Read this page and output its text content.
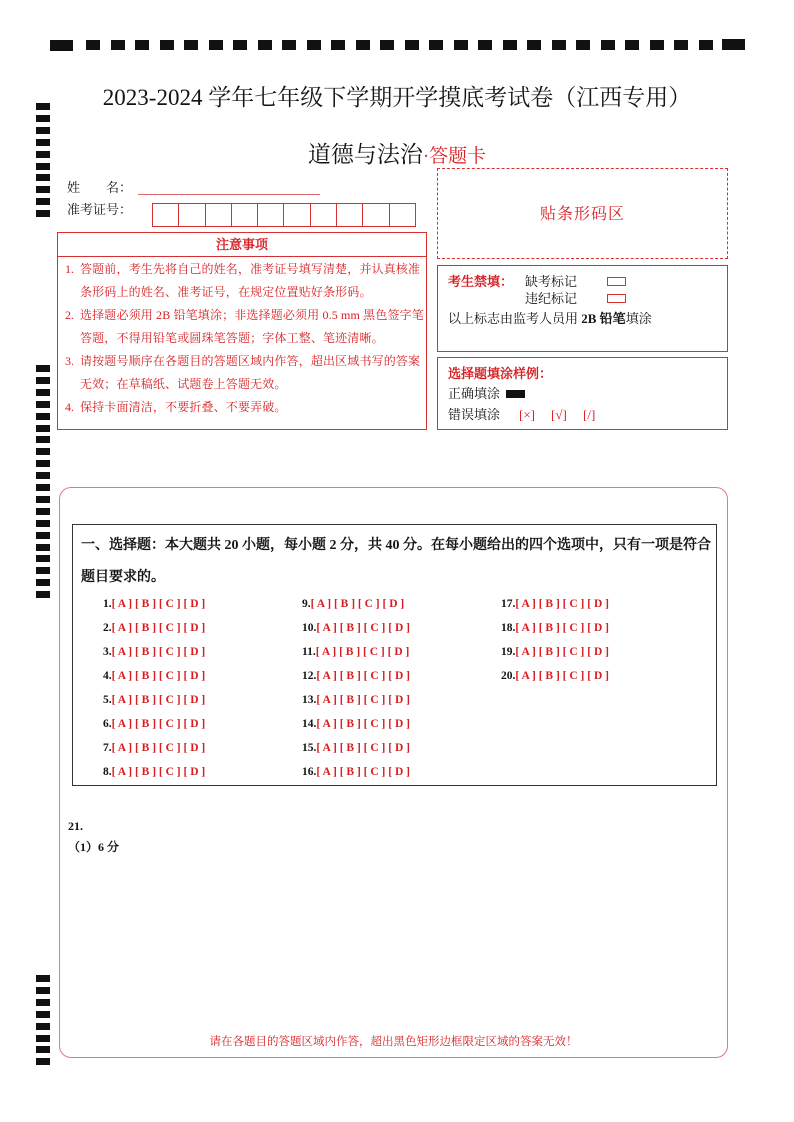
2023-2024 学年七年级下学期开学摸底考试卷（江西专用）
道德与法治·答题卡
姓　　名：
准考证号：
注意事项
1. 答题前，考生先将自己的姓名，准考证号填写清楚，并认真核准
条形码上的姓名、准考证号，在规定位置贴好条形码。
2. 选择题必须用 2B 铅笔填涂；非选择题必须用 0.5 mm 黑色签字笔
答题，不得用铅笔或圆珠笔答题；字体工整、笔迹清晰。
3. 请按题号顺序在各题目的答题区域内作答，超出区域书写的答案
无效；在草稿纸、试题卷上答题无效。
4. 保持卡面清洁，不要折叠、不要弄破。
贴条形码区
考生禁填： 缺考标记
违纪标记
以上标志由监考人员用 2B 铅笔填涂
选择题填涂样例：
正确填涂
错误填涂 [×] [√] [/]
一、选择题：本大题共 20 小题，每小题 2 分，共 40 分。在每小题给出的四个选项中，只有一项是符合
题目要求的。
1.[ A ] [ B ] [ C ] [ D ]
2.[ A ] [ B ] [ C ] [ D ]
3.[ A ] [ B ] [ C ] [ D ]
4.[ A ] [ B ] [ C ] [ D ]
5.[ A ] [ B ] [ C ] [ D ]
6.[ A ] [ B ] [ C ] [ D ]
7.[ A ] [ B ] [ C ] [ D ]
8.[ A ] [ B ] [ C ] [ D ]
9.[ A ] [ B ] [ C ] [ D ]
10.[ A ] [ B ] [ C ] [ D ]
11.[ A ] [ B ] [ C ] [ D ]
12.[ A ] [ B ] [ C ] [ D ]
13.[ A ] [ B ] [ C ] [ D ]
14.[ A ] [ B ] [ C ] [ D ]
15.[ A ] [ B ] [ C ] [ D ]
16.[ A ] [ B ] [ C ] [ D ]
17.[ A ] [ B ] [ C ] [ D ]
18.[ A ] [ B ] [ C ] [ D ]
19.[ A ] [ B ] [ C ] [ D ]
20.[ A ] [ B ] [ C ] [ D ]
21.
（1）6 分
请在各题目的答题区域内作答，超出黑色矩形边框限定区域的答案无效！
